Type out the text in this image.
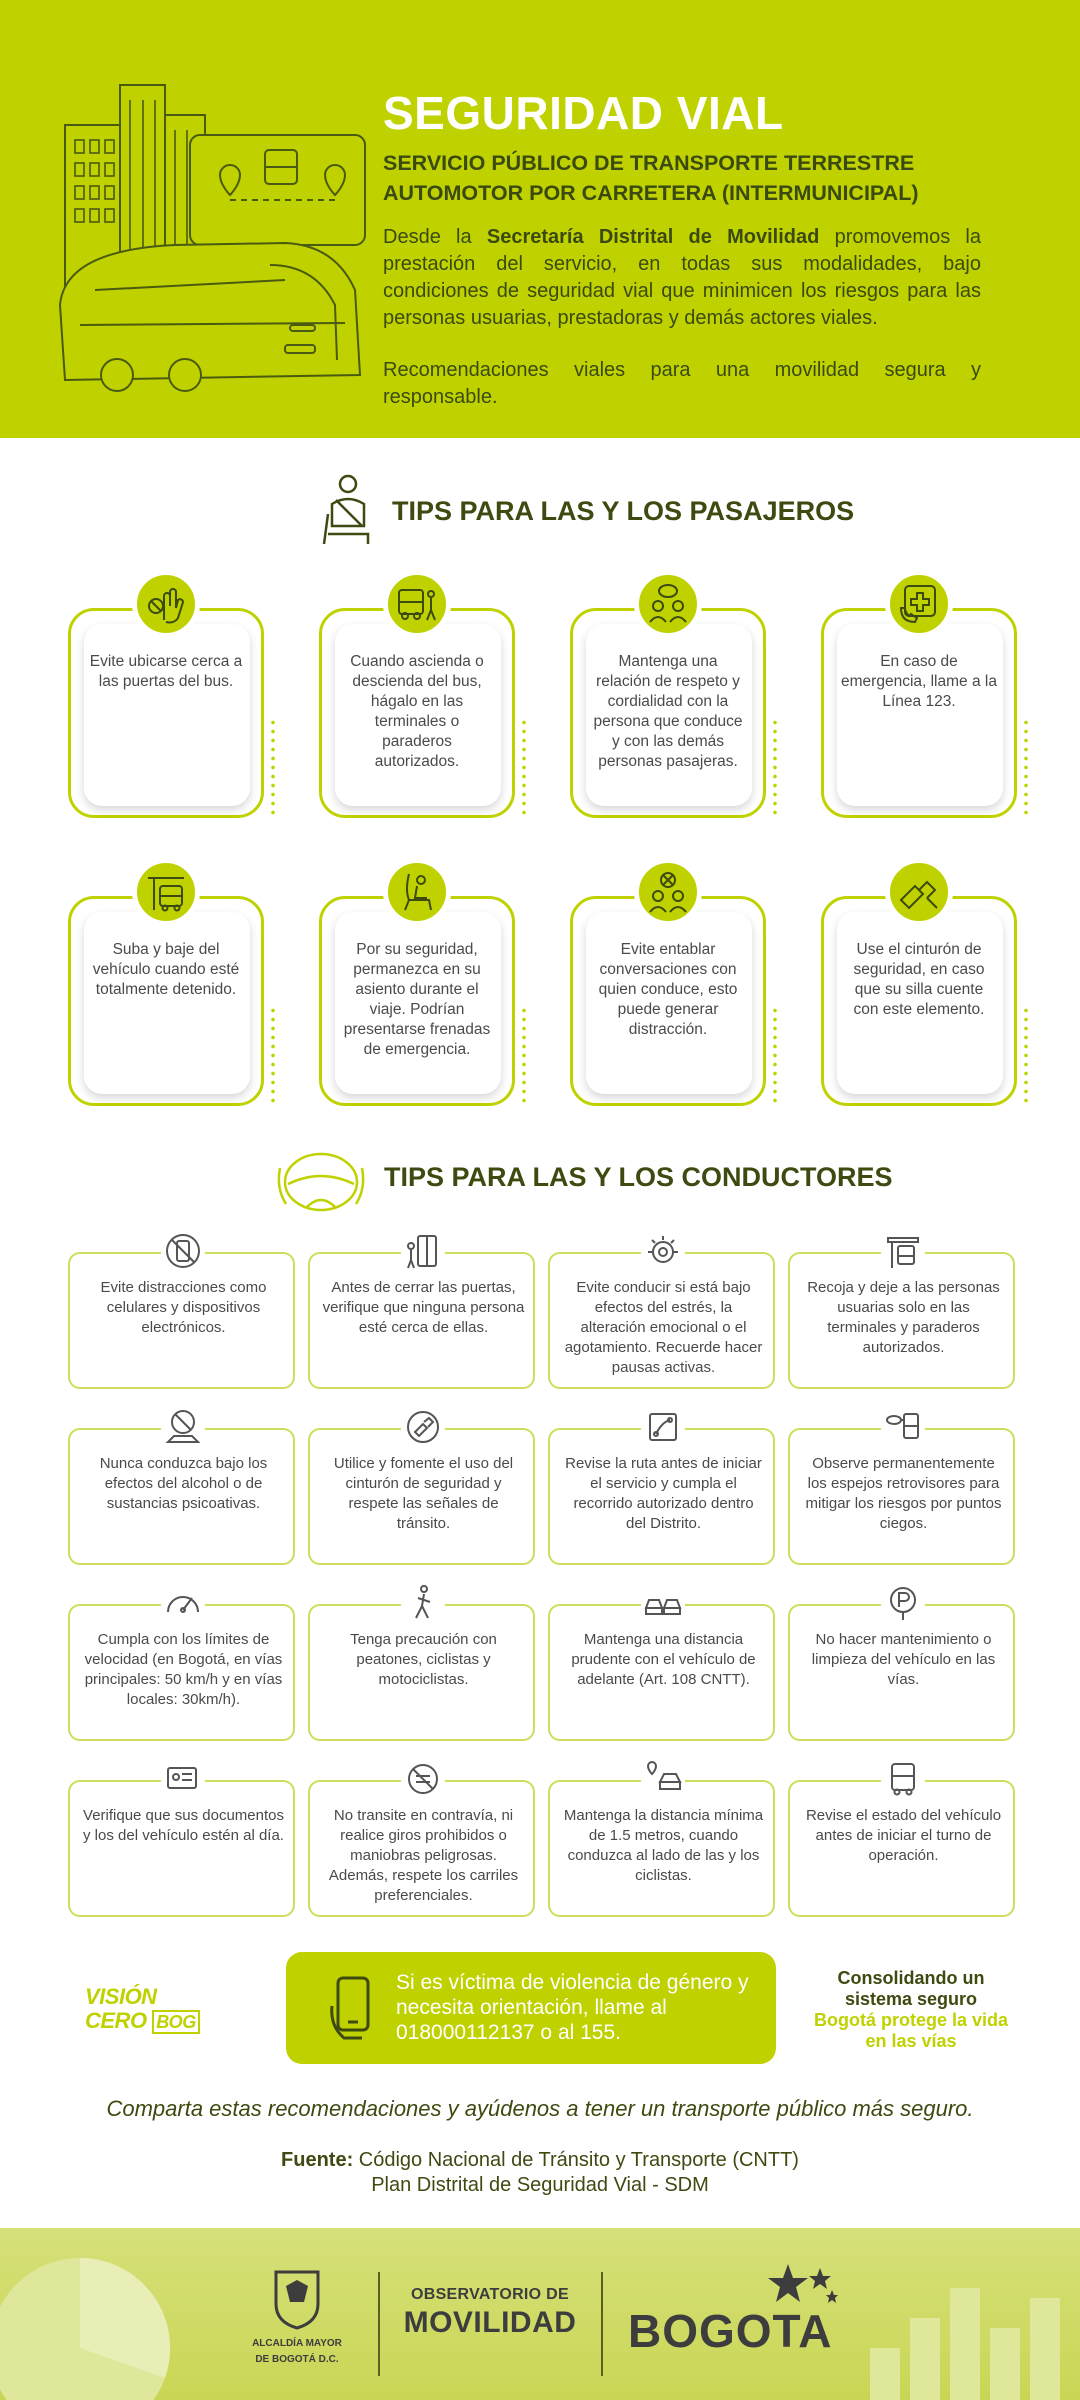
SEGURIDAD VIAL
SERVICIO PÚBLICO DE TRANSPORTE TERRESTRE
AUTOMOTOR POR CARRETERA (INTERMUNICIPAL)

Desde la Secretaría Distrital de Movilidad promovemos la prestación del servicio, en todas sus modalidades, bajo condiciones de seguridad vial que minimicen los riesgos para las personas usuarias, prestadoras y demás actores viales.

Recomendaciones viales para una movilidad segura y responsable.

TIPS PARA LAS Y LOS PASAJEROS
Evite ubicarse cerca a las puertas del bus.
Cuando ascienda o descienda del bus, hágalo en las terminales o paraderos autorizados.
Mantenga una relación de respeto y cordialidad con la persona que conduce y con las demás personas pasajeras.
En caso de emergencia, llame a la Línea 123.
Suba y baje del vehículo cuando esté totalmente detenido.
Por su seguridad, permanezca en su asiento durante el viaje. Podrían presentarse frenadas de emergencia.
Evite entablar conversaciones con quien conduce, esto puede generar distracción.
Use el cinturón de seguridad, en caso que su silla cuente con este elemento.
TIPS PARA LAS Y LOS CONDUCTORES
Evite distracciones como celulares y dispositivos electrónicos.
Antes de cerrar las puertas, verifique que ninguna persona esté cerca de ellas.
Evite conducir si está bajo efectos del estrés, la alteración emocional o el agotamiento. Recuerde hacer pausas activas.
Recoja y deje a las personas usuarias solo en las terminales y paraderos autorizados.
Nunca conduzca bajo los efectos del alcohol o de sustancias psicoativas.
Utilice y fomente el uso del cinturón de seguridad y respete las señales de tránsito.
Revise la ruta antes de iniciar el servicio y cumpla el recorrido autorizado dentro del Distrito.
Observe permanentemente los espejos retrovisores para mitigar los riesgos por puntos ciegos.
Cumpla con los límites de velocidad (en Bogotá, en vías principales: 50 km/h y en vías locales: 30km/h).
Tenga precaución con peatones, ciclistas y motociclistas.
Mantenga una distancia prudente con el vehículo de adelante (Art. 108 CNTT).
No hacer mantenimiento o limpieza del vehículo en las vías.
Verifique que sus documentos y los del vehículo estén al día.
No transite en contravía, ni realice giros prohibidos o maniobras peligrosas. Además, respete los carriles preferenciales.
Mantenga la distancia mínima de 1.5 metros, cuando conduzca al lado de las y los ciclistas.
Revise el estado del vehículo antes de iniciar el turno de operación.
VISIÓN
CERO BOG
Si es víctima de violencia de género y necesita orientación, llame al 018000112137 o al 155.
Consolidando un sistema seguro
Bogotá protege la vida en las vías
Comparta estas recomendaciones y ayúdenos a tener un transporte público más seguro.
Fuente: Código Nacional de Tránsito y Transporte (CNTT)
Plan Distrital de Seguridad Vial - SDM
ALCALDÍA MAYOR
DE BOGOTÁ D.C.
OBSERVATORIO DE
MOVILIDAD BOGOTA
